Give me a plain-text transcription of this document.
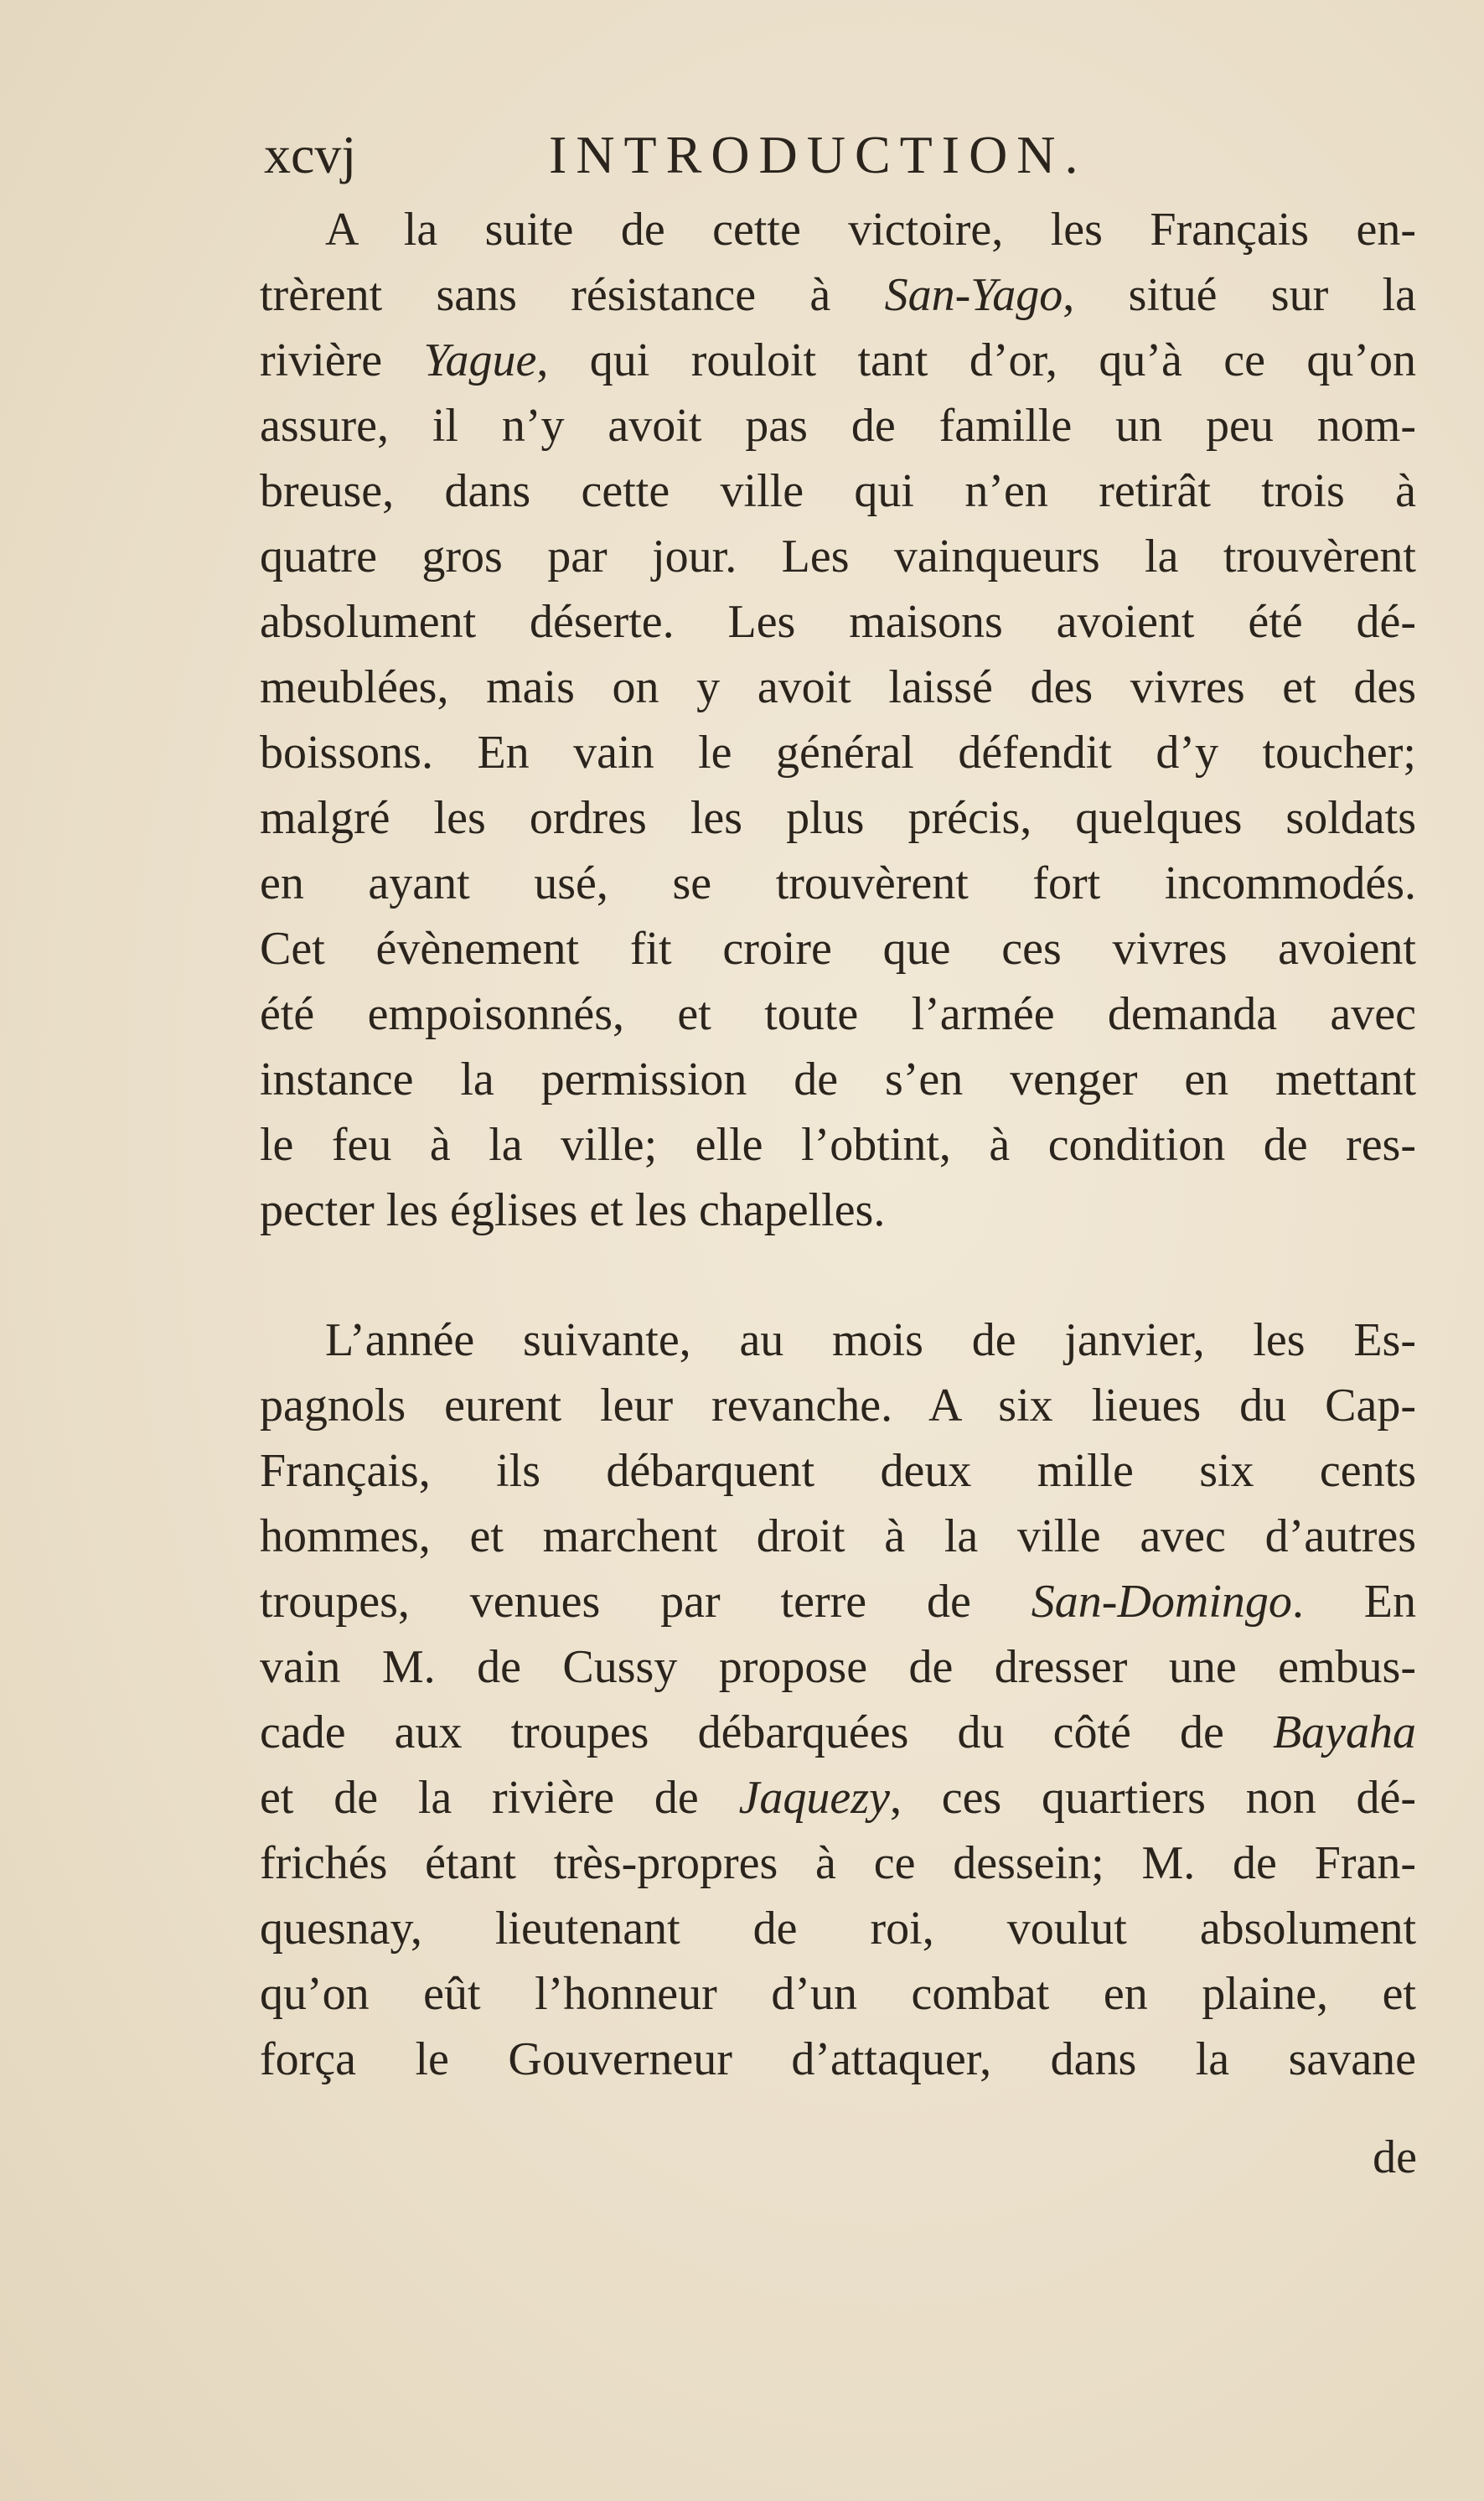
xcvj	INTRODUCTION.
A la suite de cette victoire, les Français en-
trèrent sans résistance à San-Yago, situé sur la
rivière Yague, qui rouloit tant d’or, qu’à ce qu’on
assure, il n’y avoit pas de famille un peu nom-
breuse, dans cette ville qui n’en retirât trois à
quatre gros par jour. Les vainqueurs la trouvèrent
absolument déserte. Les maisons avoient été dé-
meublées, mais on y avoit laissé des vivres et des
boissons. En vain le général défendit d’y toucher;
malgré les ordres les plus précis, quelques soldats
en ayant usé, se trouvèrent fort incommodés.
Cet évènement fit croire que ces vivres avoient
été empoisonnés, et toute l’armée demanda avec
instance la permission de s’en venger en mettant
le feu à la ville; elle l’obtint, à condition de res-
pecter les églises et les chapelles.
L’année suivante, au mois de janvier, les Es-
pagnols eurent leur revanche. A six lieues du Cap-
Français, ils débarquent deux mille six cents
hommes, et marchent droit à la ville avec d’autres
troupes, venues par terre de San-Domingo. En
vain M. de Cussy propose de dresser une embus-
cade aux troupes débarquées du côté de Bayaha
et de la rivière de Jaquezy, ces quartiers non dé-
frichés étant très-propres à ce dessein; M. de Fran-
quesnay, lieutenant de roi, voulut absolument
qu’on eût l’honneur d’un combat en plaine, et
força le Gouverneur d’attaquer, dans la savane
de
